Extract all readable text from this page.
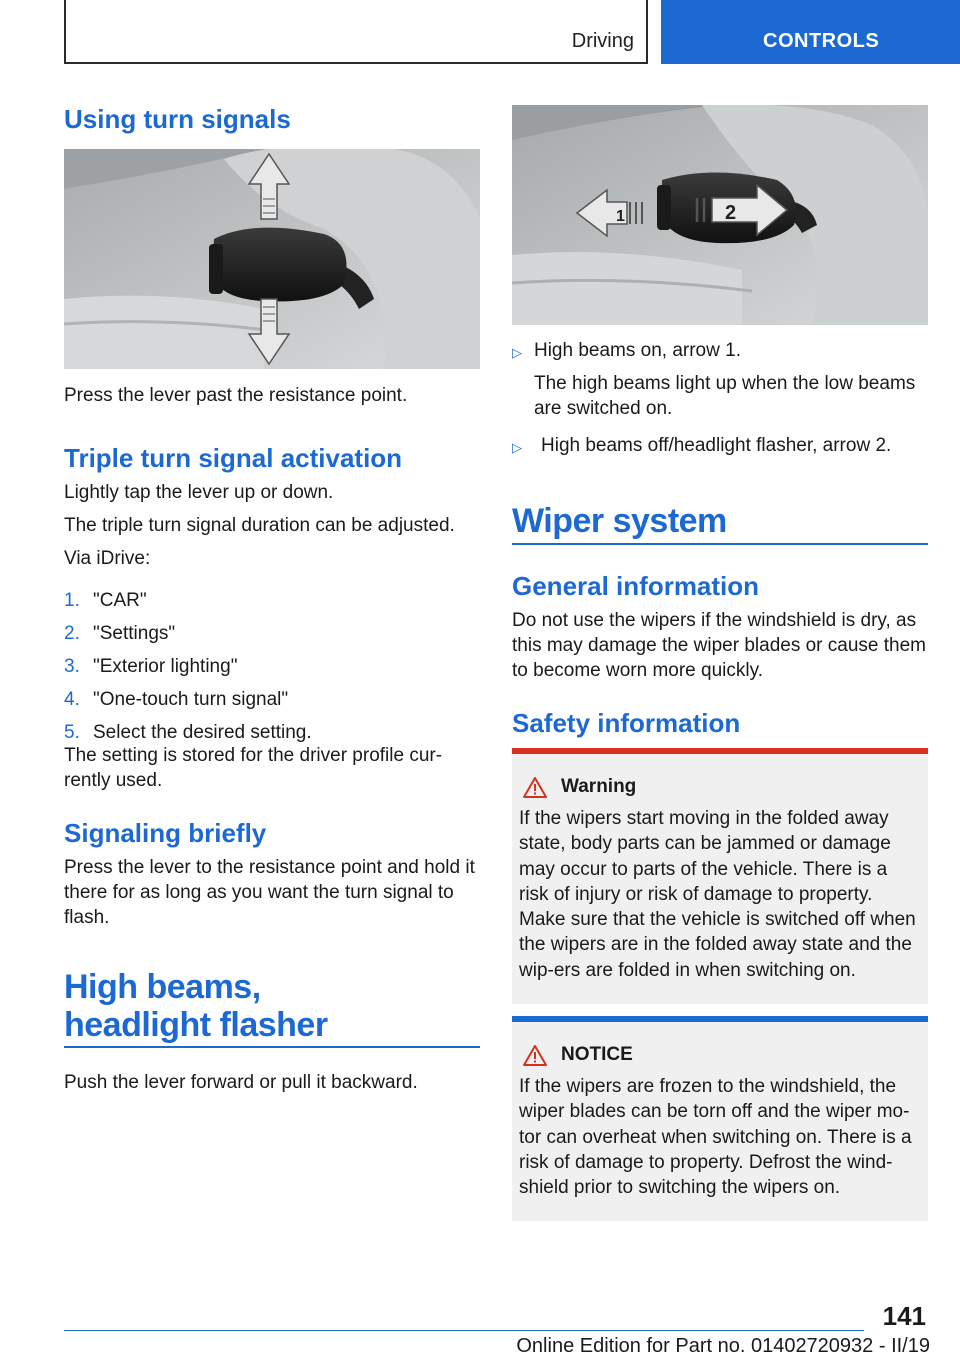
Driving	CONTROLS
Using turn signals

Press the lever past the resistance point.

Triple turn signal activation

Lightly tap the lever up or down.

The triple turn signal duration can be adjusted.

Via iDrive:

1. "CAR"
2. "Settings"
3. "Exterior lighting"
4. "One-touch turn signal"
5. Select the desired setting.

The setting is stored for the driver profile cur-rently used.

Signaling briefly

Press the lever to the resistance point and hold it there for as long as you want the turn signal to flash.

High beams,
headlight flasher

Push the lever forward or pull it backward.

1	2
▷ High beams on, arrow 1.
The high beams light up when the low beams are switched on.
▷	High beams off/headlight flasher, arrow 2.
Wiper system
General information

Do not use the wipers if the windshield is dry, as this may damage the wiper blades or cause them to become worn more quickly.

Safety information
Warning
If the wipers start moving in the folded away state, body parts can be jammed or damage may occur to parts of the vehicle. There is a risk of injury or risk of damage to property. Make sure that the vehicle is switched off when the wipers are in the folded away state and the wip-ers are folded in when switching on.
NOTICE
If the wipers are frozen to the windshield, the wiper blades can be torn off and the wiper mo-tor can overheat when switching on. There is a risk of damage to property. Defrost the wind-shield prior to switching the wipers on.
141
Online Edition for Part no. 01402720932 - II/19
